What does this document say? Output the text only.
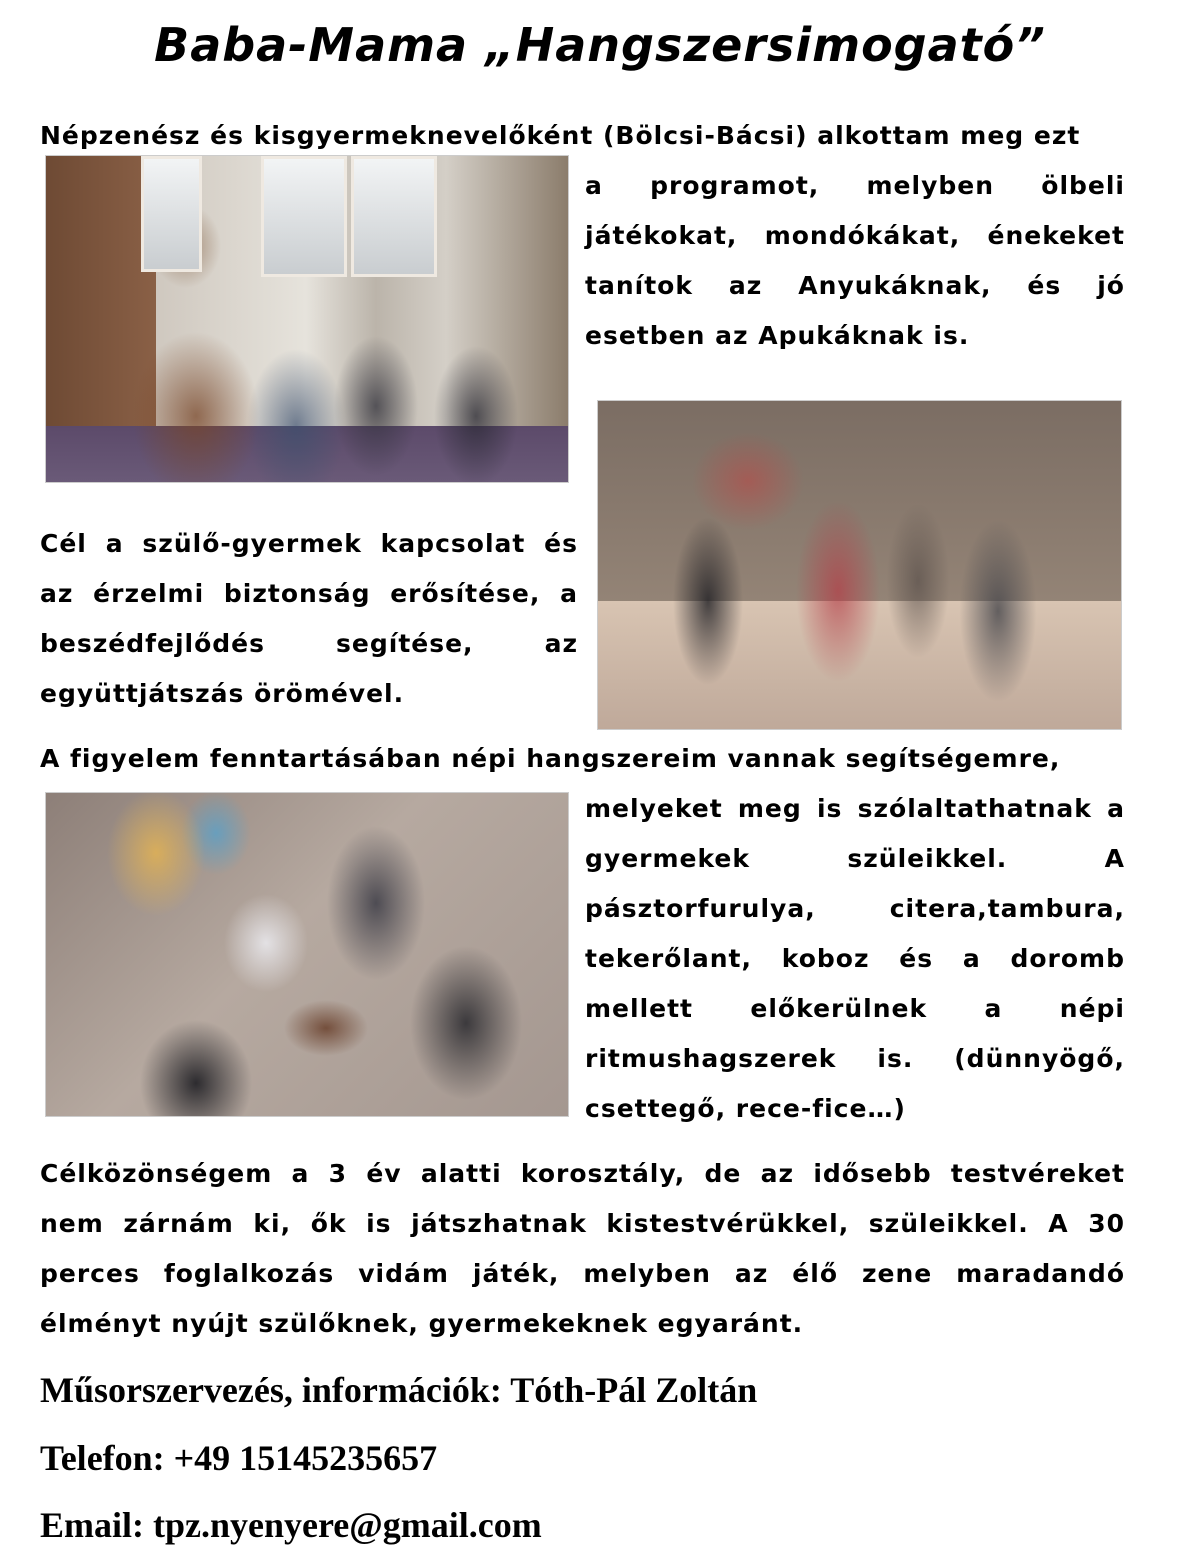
Baba-Mama „Hangszersimogató”

Népzenész és kisgyermeknevelőként (Bölcsi-Bácsi) alkottam meg ezt

a programot, melyben ölbeli
játékokat, mondókákat, énekeket
tanítok az Anyukáknak, és jó
esetben az Apukáknak is.
Cél a szülő-gyermek kapcsolat és
az érzelmi biztonság erősítése, a
beszédfejlődés segítése, az
együttjátszás örömével.

A figyelem fenntartásában népi hangszereim vannak segítségemre,

melyeket meg is szólaltathatnak a
gyermekek szüleikkel. A
pásztorfurulya, citera,tambura,
tekerőlant, koboz és a doromb
mellett előkerülnek a népi
ritmushagszerek is. (dünnyögő,
csettegő, rece-fice…)
Célközönségem a 3 év alatti korosztály, de az idősebb testvéreket
nem zárnám ki, ők is játszhatnak kistestvérükkel, szüleikkel. A 30
perces foglalkozás vidám játék, melyben az élő zene maradandó
élményt nyújt szülőknek, gyermekeknek egyaránt.
Műsorszervezés, információk: Tóth-Pál Zoltán
Telefon: +49 15145235657
Email: tpz.nyenyere@gmail.com
